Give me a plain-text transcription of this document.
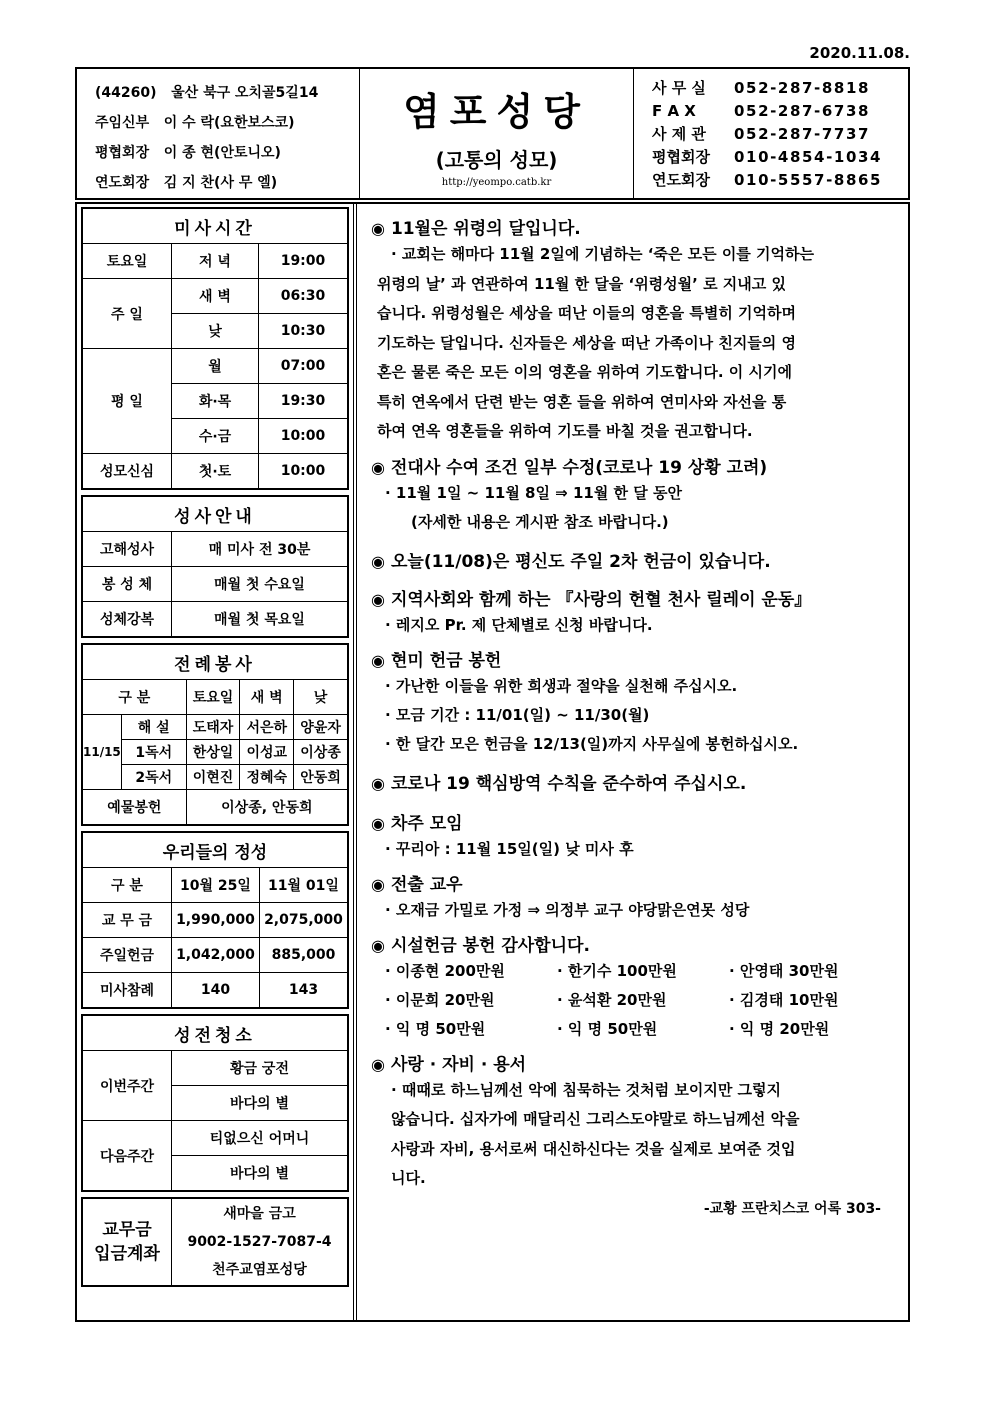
2020.11.08.
(44260) 울산 북구 오치골5길14
주임신부 이 수 락(요한보스코)
평협회장 이 종 현(안토니오)
연도회장 김 지 찬(사 무 엘)
염포성당
(고통의 성모)
http://yeompo.catb.kr
사 무 실	052-287-8818
F A X	052-287-6738
사 제 관	052-287-7737
평협회장	010-4854-1034
연도회장	010-5557-8865
미사시간		
토요일	저 녁	19:00
주 일	새 벽	06:30
	낮	10:30
평 일	월	07:00
	화·목	19:30
	수·금	10:00
성모신심	첫·토	10:00
성사안내	
고해성사	매 미사 전 30분
봉 성 체	매월 첫 수요일
성체강복	매월 첫 목요일
전례봉사				
구 분		토요일	새 벽	낮
11/15	해 설	도태자	서은하	양윤자
	1독서	한상일	이성교	이상종
	2독서	이현진	정혜숙	안동희
예물봉헌		이상종, 안동희		
우리들의 정성		
구 분	10월 25일	11월 01일
교 무 금	1,990,000	2,075,000
주일헌금	1,042,000	885,000
미사참례	140	143
성전청소	
이번주간	황금 궁전
	바다의 별
다음주간	티없으신 어머니
	바다의 별
교무금
입금계좌

새마을 금고
9002-1527-7087-4
천주교염포성당
◉ 11월은 위령의 달입니다.
· 교회는 해마다 11월 2일에 기념하는 ‘죽은 모든 이를 기억하는
위령의 날’ 과 연관하여 11월 한 달을 ‘위령성월’ 로 지내고 있
습니다. 위령성월은 세상을 떠난 이들의 영혼을 특별히 기억하며
기도하는 달입니다. 신자들은 세상을 떠난 가족이나 친지들의 영
혼은 물론 죽은 모든 이의 영혼을 위하여 기도합니다. 이 시기에
특히 연옥에서 단련 받는 영혼 들을 위하여 연미사와 자선을 통
하여 연옥 영혼들을 위하여 기도를 바칠 것을 권고합니다.
◉ 전대사 수여 조건 일부 수정(코로나 19 상황 고려)
· 11월 1일 ~ 11월 8일 ⇒ 11월 한 달 동안
(자세한 내용은 게시판 참조 바랍니다.)
◉ 오늘(11/08)은 평신도 주일 2차 헌금이 있습니다.
◉ 지역사회와 함께 하는 『사랑의 헌혈 천사 릴레이 운동』
· 레지오 Pr. 제 단체별로 신청 바랍니다.
◉ 현미 헌금 봉헌
· 가난한 이들을 위한 희생과 절약을 실천해 주십시오.
· 모금 기간 : 11/01(일) ~ 11/30(월)
· 한 달간 모은 헌금을 12/13(일)까지 사무실에 봉헌하십시오.
◉ 코로나 19 핵심방역 수칙을 준수하여 주십시오.
◉ 차주 모임
· 꾸리아 : 11월 15일(일) 낮 미사 후
◉ 전출 교우
· 오재금 가밀로 가정 ⇒ 의정부 교구 야당맑은연못 성당
◉ 시설헌금 봉헌 감사합니다.
· 이종현 200만원	· 한기수 100만원	· 안영태 30만원
· 이문희 20만원	· 윤석환 20만원	· 김경태 10만원
· 익 명 50만원	· 익 명 50만원	· 익 명 20만원
◉ 사랑 · 자비 · 용서
· 때때로 하느님께선 악에 침묵하는 것처럼 보이지만 그렇지
않습니다. 십자가에 매달리신 그리스도야말로 하느님께선 악을
사랑과 자비, 용서로써 대신하신다는 것을 실제로 보여준 것입
니다.
-교황 프란치스코 어록 303-
